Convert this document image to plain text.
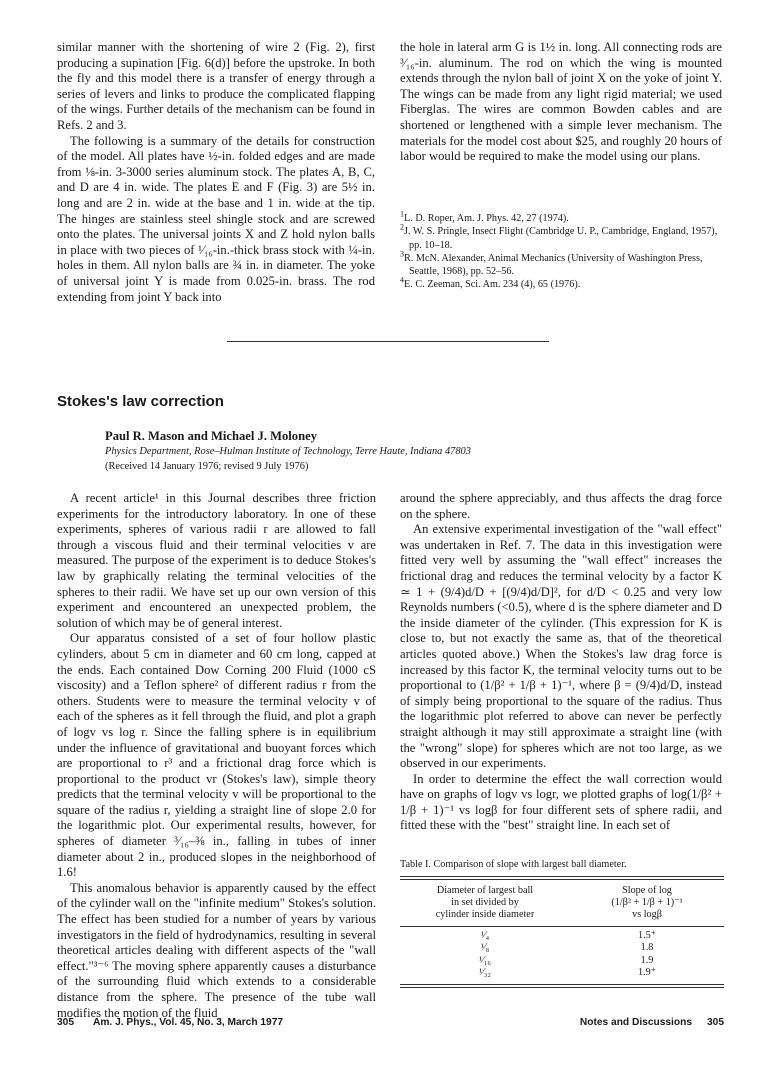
similar manner with the shortening of wire 2 (Fig. 2), first producing a supination [Fig. 6(d)] before the upstroke. In both the fly and this model there is a transfer of energy through a series of levers and links to produce the complicated flapping of the wings. Further details of the mechanism can be found in Refs. 2 and 3.

The following is a summary of the details for construction of the model. All plates have ½-in. folded edges and are made from ⅛-in. 3-3000 series aluminum stock. The plates A, B, C, and D are 4 in. wide. The plates E and F (Fig. 3) are 5½ in. long and are 2 in. wide at the base and 1 in. wide at the tip. The hinges are stainless steel shingle stock and are screwed onto the plates. The universal joints X and Z hold nylon balls in place with two pieces of ¹⁄₁₆-in.-thick brass stock with ¼-in. holes in them. All nylon balls are ¾ in. in diameter. The yoke of universal joint Y is made from 0.025-in. brass. The rod extending from joint Y back into

the hole in lateral arm G is 1½ in. long. All connecting rods are ³⁄₁₆-in. aluminum. The rod on which the wing is mounted extends through the nylon ball of joint X on the yoke of joint Y. The wings can be made from any light rigid material; we used Fiberglas. The wires are common Bowden cables and are shortened or lengthened with a simple lever mechanism. The materials for the model cost about $25, and roughly 20 hours of labor would be required to make the model using our plans.

$^1$L. D. Roper, Am. J. Phys. 42, 27 (1974).
$^2$J. W. S. Pringle, Insect Flight (Cambridge U. P., Cambridge, England, 1957), pp. 10–18.
$^3$R. McN. Alexander, Animal Mechanics (University of Washington Press, Seattle, 1968), pp. 52–56.
$^4$E. C. Zeeman, Sci. Am. 234 (4), 65 (1976).
Stokes's law correction
Paul R. Mason and Michael J. Moloney
Physics Department, Rose–Hulman Institute of Technology, Terre Haute, Indiana 47803
(Received 14 January 1976; revised 9 July 1976)

A recent article¹ in this Journal describes three friction experiments for the introductory laboratory. In one of these experiments, spheres of various radii r are allowed to fall through a viscous fluid and their terminal velocities v are measured. The purpose of the experiment is to deduce Stokes's law by graphically relating the terminal velocities of the spheres to their radii. We have set up our own version of this experiment and encountered an unexpected problem, the solution of which may be of general interest.

Our apparatus consisted of a set of four hollow plastic cylinders, about 5 cm in diameter and 60 cm long, capped at the ends. Each contained Dow Corning 200 Fluid (1000 cS viscosity) and a Teflon sphere² of different radius r from the others. Students were to measure the terminal velocity v of each of the spheres as it fell through the fluid, and plot a graph of logv vs log r. Since the falling sphere is in equilibrium under the influence of gravitational and buoyant forces which are proportional to r³ and a frictional drag force which is proportional to the product vr (Stokes's law), simple theory predicts that the terminal velocity v will be proportional to the square of the radius r, yielding a straight line of slope 2.0 for the logarithmic plot. Our experimental results, however, for spheres of diameter ³⁄₁₆–⅜ in., falling in tubes of inner diameter about 2 in., produced slopes in the neighborhood of 1.6!

This anomalous behavior is apparently caused by the effect of the cylinder wall on the "infinite medium" Stokes's solution. The effect has been studied for a number of years by various investigators in the field of hydrodynamics, resulting in several theoretical articles dealing with different aspects of the "wall effect."³⁻⁶ The moving sphere apparently causes a disturbance of the surrounding fluid which extends to a considerable distance from the sphere. The presence of the tube wall modifies the motion of the fluid

around the sphere appreciably, and thus affects the drag force on the sphere.

An extensive experimental investigation of the "wall effect" was undertaken in Ref. 7. The data in this investigation were fitted very well by assuming the "wall effect" increases the frictional drag and reduces the terminal velocity by a factor K ≃ 1 + (9/4)d/D + [(9/4)d/D]², for d/D < 0.25 and very low Reynolds numbers (<0.5), where d is the sphere diameter and D the inside diameter of the cylinder. (This expression for K is close to, but not exactly the same as, that of the theoretical articles quoted above.) When the Stokes's law drag force is increased by this factor K, the terminal velocity turns out to be proportional to (1/β² + 1/β + 1)⁻¹, where β = (9/4)d/D, instead of simply being proportional to the square of the radius. Thus the logarithmic plot referred to above can never be perfectly straight although it may still approximate a straight line (with the "wrong" slope) for spheres which are not too large, as we observed in our experiments.

In order to determine the effect the wall correction would have on graphs of logv vs logr, we plotted graphs of log(1/β² + 1/β + 1)⁻¹ vs logβ for four different sets of sphere radii, and fitted these with the "best" straight line. In each set of

Table I. Comparison of slope with largest ball diameter.
Diameter of largest ball
in set divided by
cylinder inside diameter
Slope of log
(1/β² + 1/β + 1)⁻¹
vs logβ
¹⁄₄	1.5⁺
¹⁄₈	1.8
¹⁄₁₆	1.9
¹⁄₃₂	1.9⁺
305 Am. J. Phys., Vol. 45, No. 3, March 1977	Notes and Discussions 305
